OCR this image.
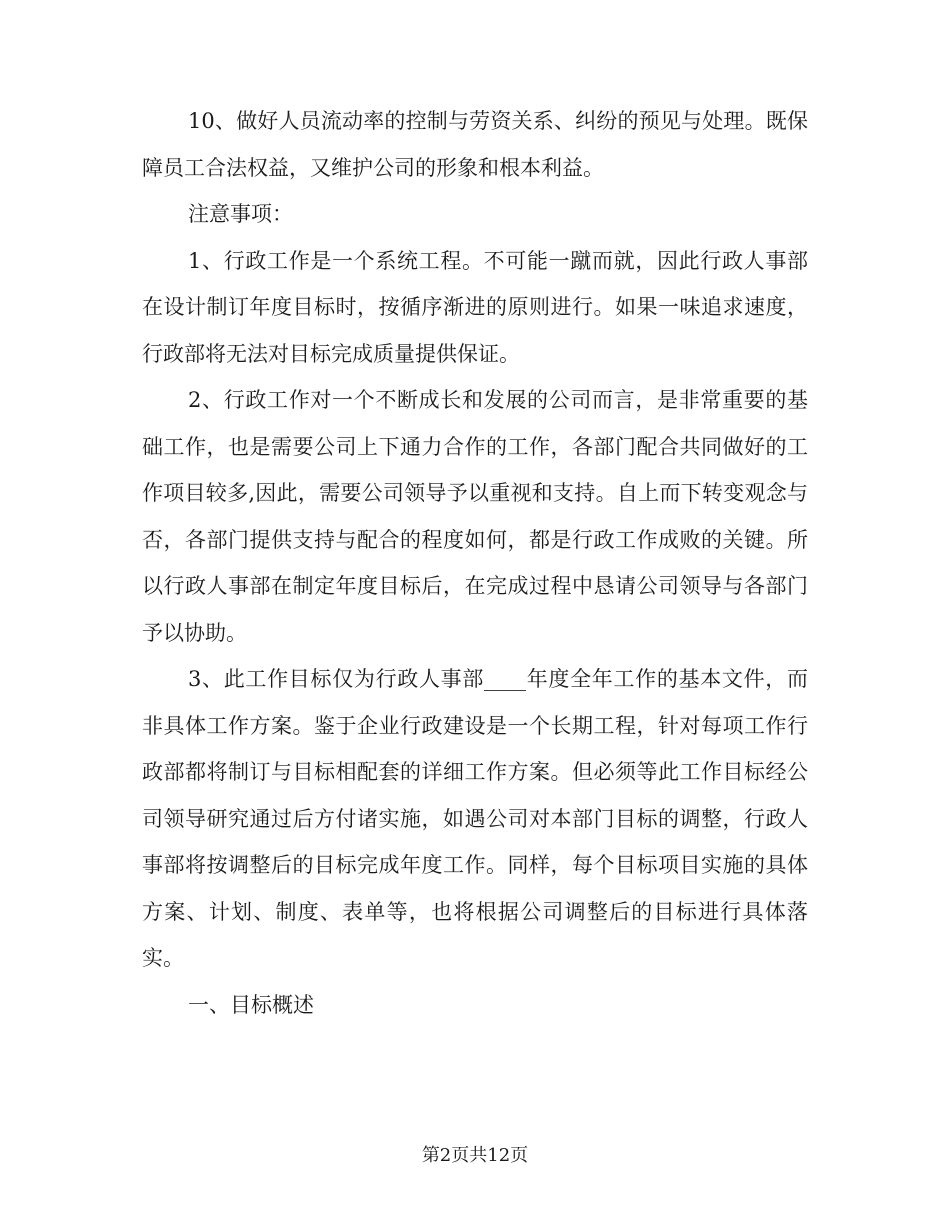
10、做好人员流动率的控制与劳资关系、纠纷的预见与处理。既保障员工合法权益，又维护公司的形象和根本利益。

注意事项：

1、行政工作是一个系统工程。不可能一蹴而就，因此行政人事部在设计制订年度目标时，按循序渐进的原则进行。如果一味追求速度，行政部将无法对目标完成质量提供保证。

2、行政工作对一个不断成长和发展的公司而言，是非常重要的基础工作，也是需要公司上下通力合作的工作，各部门配合共同做好的工作项目较多,因此，需要公司领导予以重视和支持。自上而下转变观念与否，各部门提供支持与配合的程度如何，都是行政工作成败的关键。所以行政人事部在制定年度目标后，在完成过程中恳请公司领导与各部门予以协助。

3、此工作目标仅为行政人事部____年度全年工作的基本文件，而非具体工作方案。鉴于企业行政建设是一个长期工程，针对每项工作行政部都将制订与目标相配套的详细工作方案。但必须等此工作目标经公司领导研究通过后方付诸实施，如遇公司对本部门目标的调整，行政人事部将按调整后的目标完成年度工作。同样，每个目标项目实施的具体方案、计划、制度、表单等，也将根据公司调整后的目标进行具体落实。

一、目标概述

第2页共12页
